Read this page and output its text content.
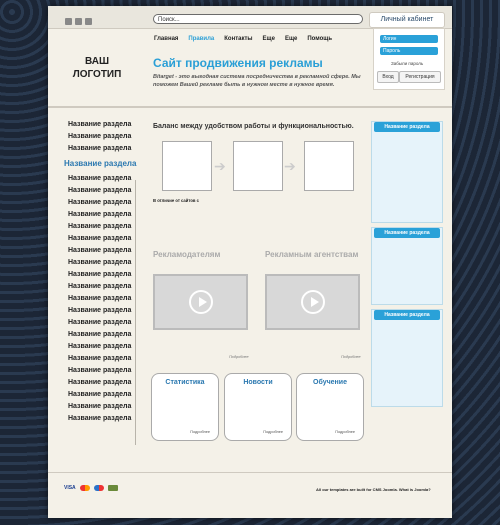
Поиск...	Личный кабинет
Логин
Пароль
Забыли пароль
Вход	Регистрация
ВАШ
ЛОГОТИП
Главная Правила Контакты Еще Еще Помощь
Сайт продвижения рекламы
Bitarget - это выгодная система посредничества в рекламной сфере. Мы поможем Вашей рекламе быть в нужном месте в нужное время.
Название раздела
Название раздела
Название раздела
Название раздела
Название раздела
Название раздела
Название раздела
Название раздела
Название раздела
Название раздела
Название раздела
Название раздела
Название раздела
Название раздела
Название раздела
Название раздела
Название раздела
Название раздела
Название раздела
Название раздела
Название раздела
Название раздела
Название раздела
Название раздела
Название раздела
Баланс между удобством работы и функциональностью.
➔	➔
В отличие от сайтов с
Рекламодателям	Рекламным агентствам
Подробнее	Подробнее
Статистика
Подробнее
Новости
Подробнее
Обучение
Подробнее
Название раздела
Название раздела
Название раздела
VISA	All our templates are built for CMS Joomla. What is Joomla?
